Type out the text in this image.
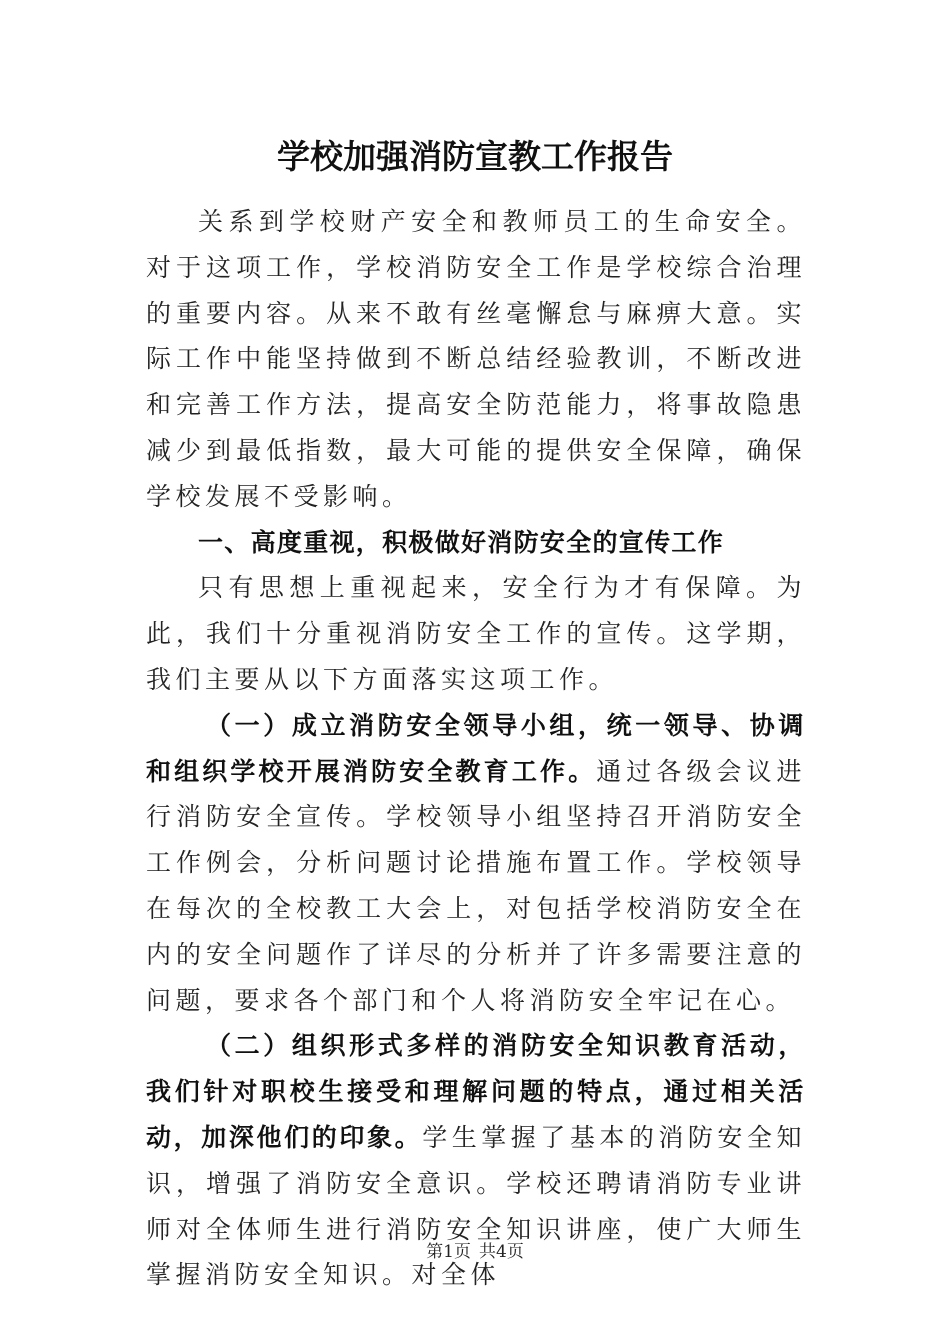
学校加强消防宣教工作报告

关系到学校财产安全和教师员工的生命安全。对于这项工作，学校消防安全工作是学校综合治理的重要内容。从来不敢有丝毫懈怠与麻痹大意。实际工作中能坚持做到不断总结经验教训，不断改进和完善工作方法，提高安全防范能力，将事故隐患减少到最低指数，最大可能的提供安全保障，确保学校发展不受影响。

一、高度重视，积极做好消防安全的宣传工作

只有思想上重视起来，安全行为才有保障。为此，我们十分重视消防安全工作的宣传。这学期，我们主要从以下方面落实这项工作。

（一）成立消防安全领导小组，统一领导、协调和组织学校开展消防安全教育工作。通过各级会议进行消防安全宣传。学校领导小组坚持召开消防安全工作例会，分析问题讨论措施布置工作。学校领导在每次的全校教工大会上，对包括学校消防安全在内的安全问题作了详尽的分析并了许多需要注意的问题，要求各个部门和个人将消防安全牢记在心。

（二）组织形式多样的消防安全知识教育活动，我们针对职校生接受和理解问题的特点，通过相关活动，加深他们的印象。学生掌握了基本的消防安全知识，增强了消防安全意识。学校还聘请消防专业讲师对全体师生进行消防安全知识讲座，使广大师生掌握消防安全知识。对全体

第1页 共4页
